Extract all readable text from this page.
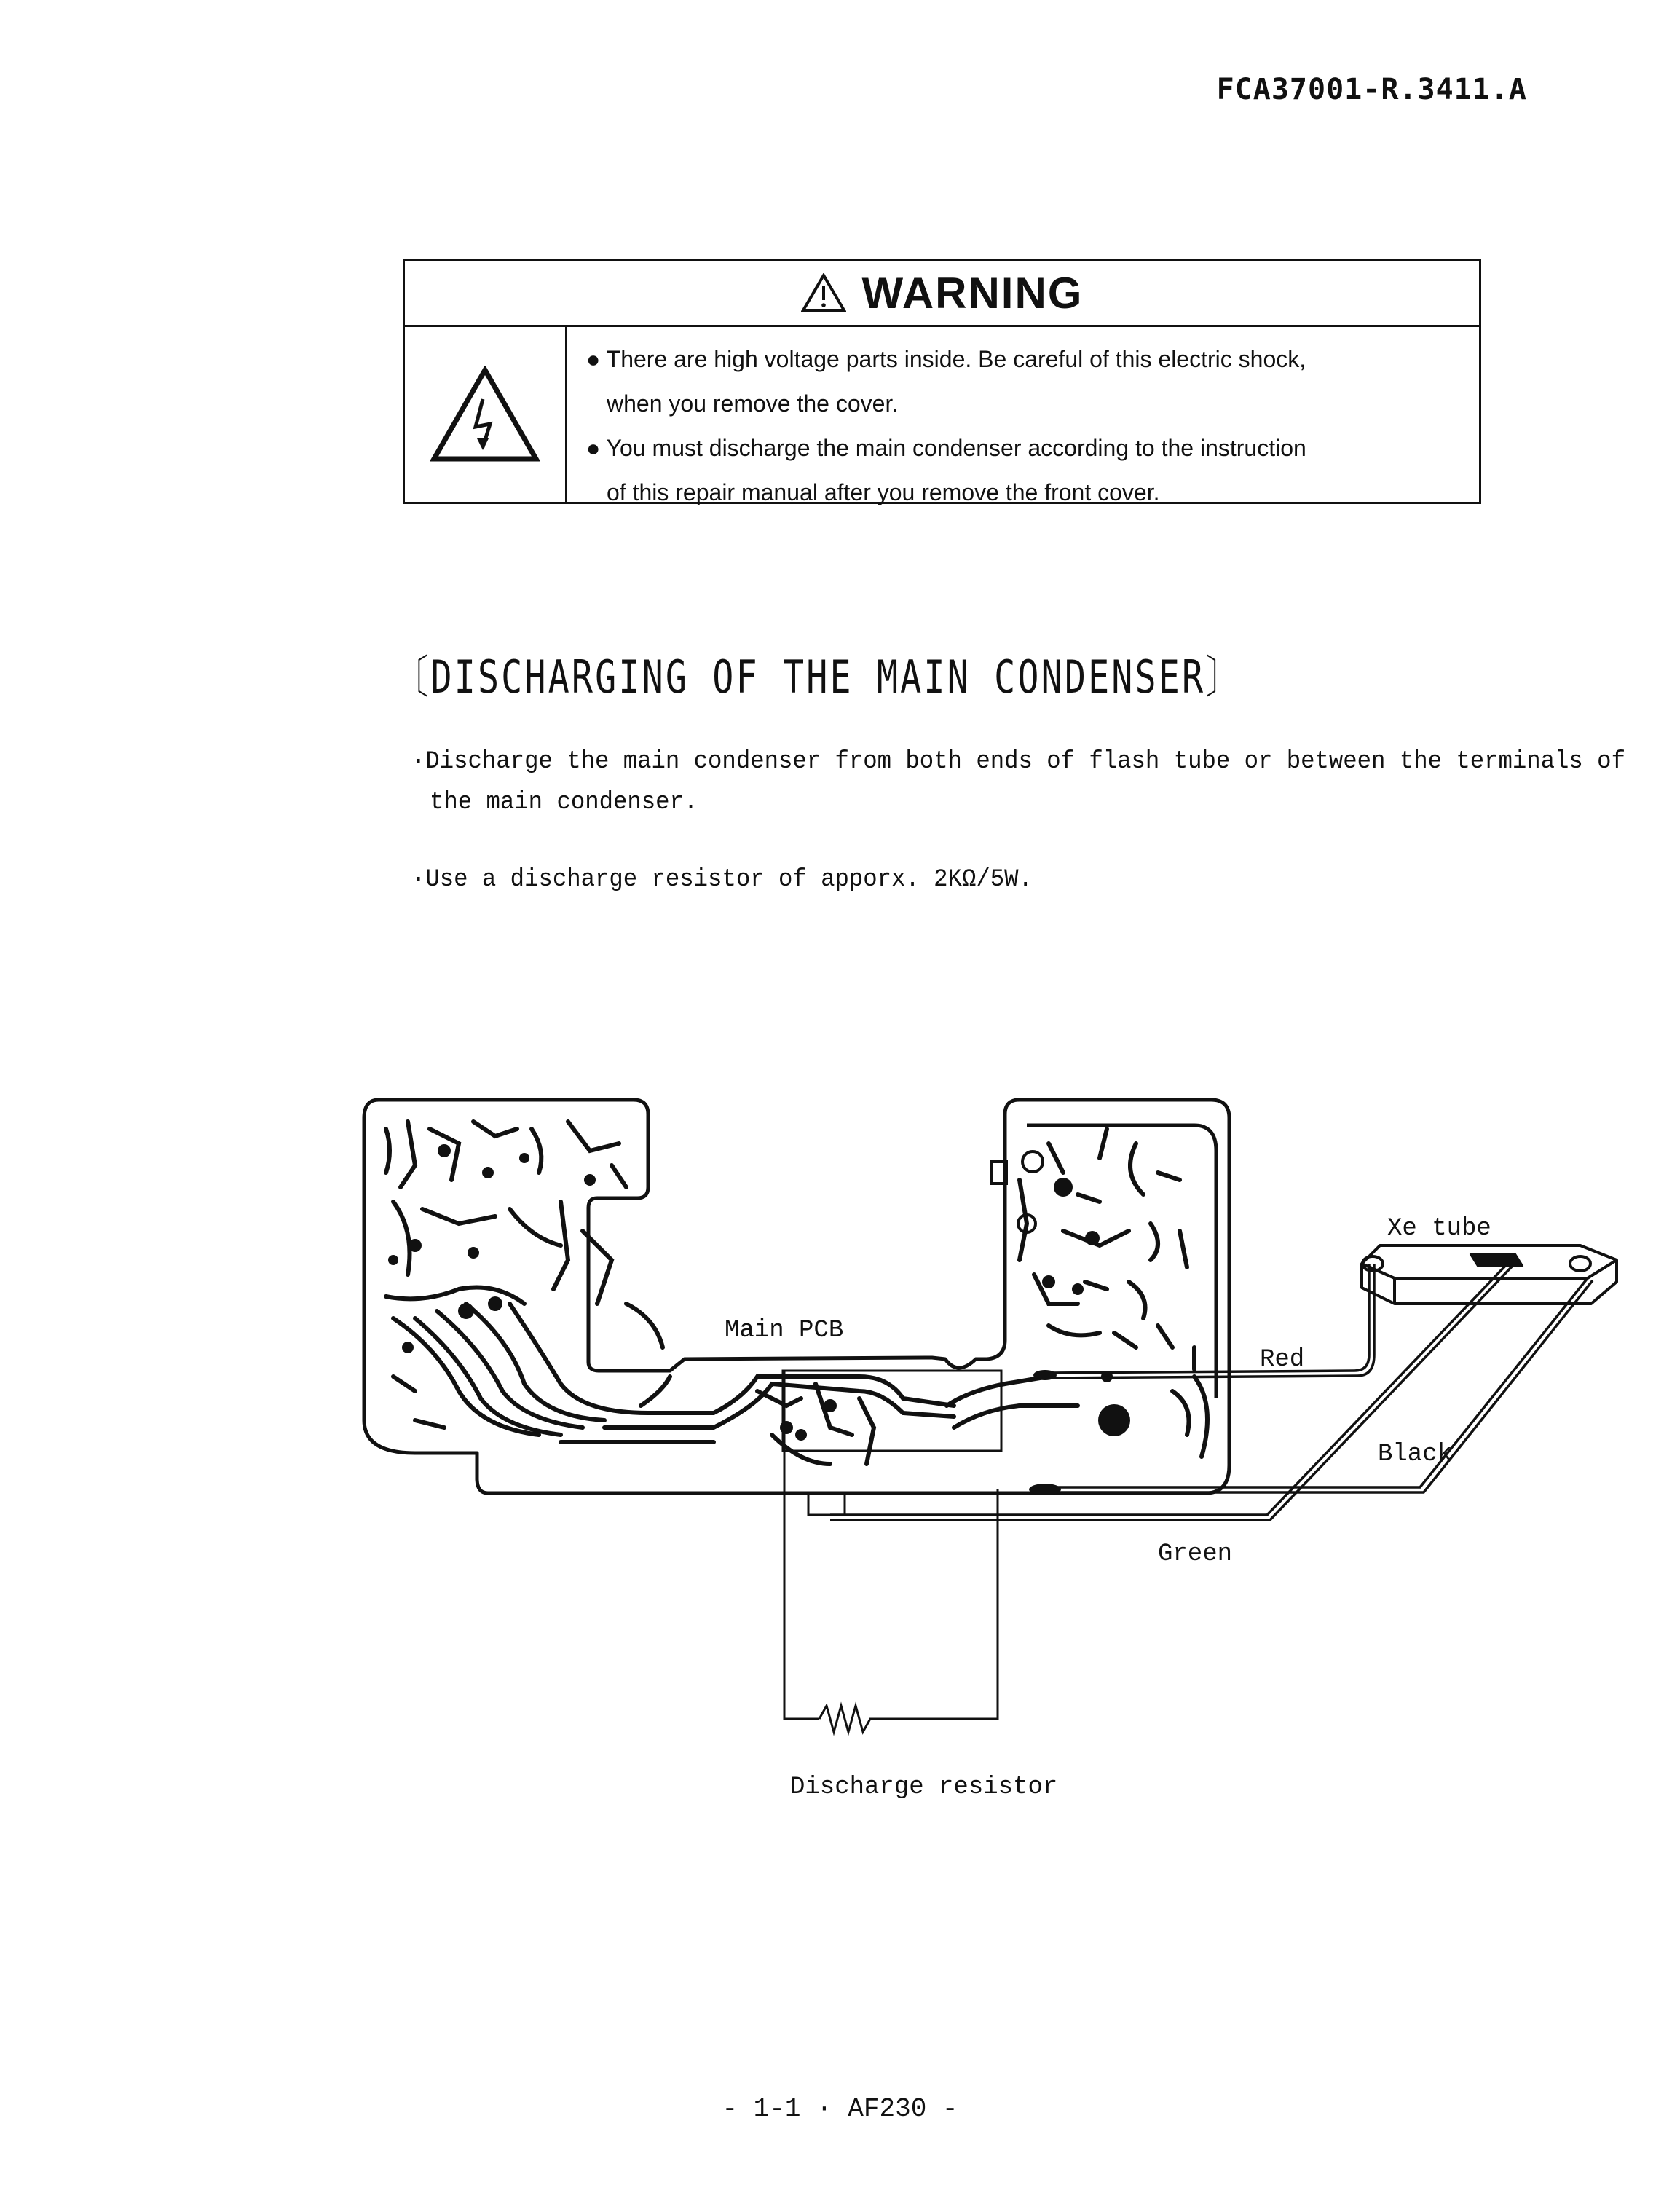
FCA37001-R.3411.A
WARNING
● There are high voltage parts inside. Be careful of this electric shock,
when you remove the cover.
● You must discharge the main condenser according to the instruction
of this repair manual after you remove the front cover.
〔DISCHARGING OF THE MAIN CONDENSER〕
·Discharge the main condenser from both ends of flash tube or between the terminals of
the main condenser.
·Use a discharge resistor of apporx. 2KΩ/5W.
Xe tube
Main PCB
Red
Black
Green
Discharge resistor
- 1-1 · AF230 -
